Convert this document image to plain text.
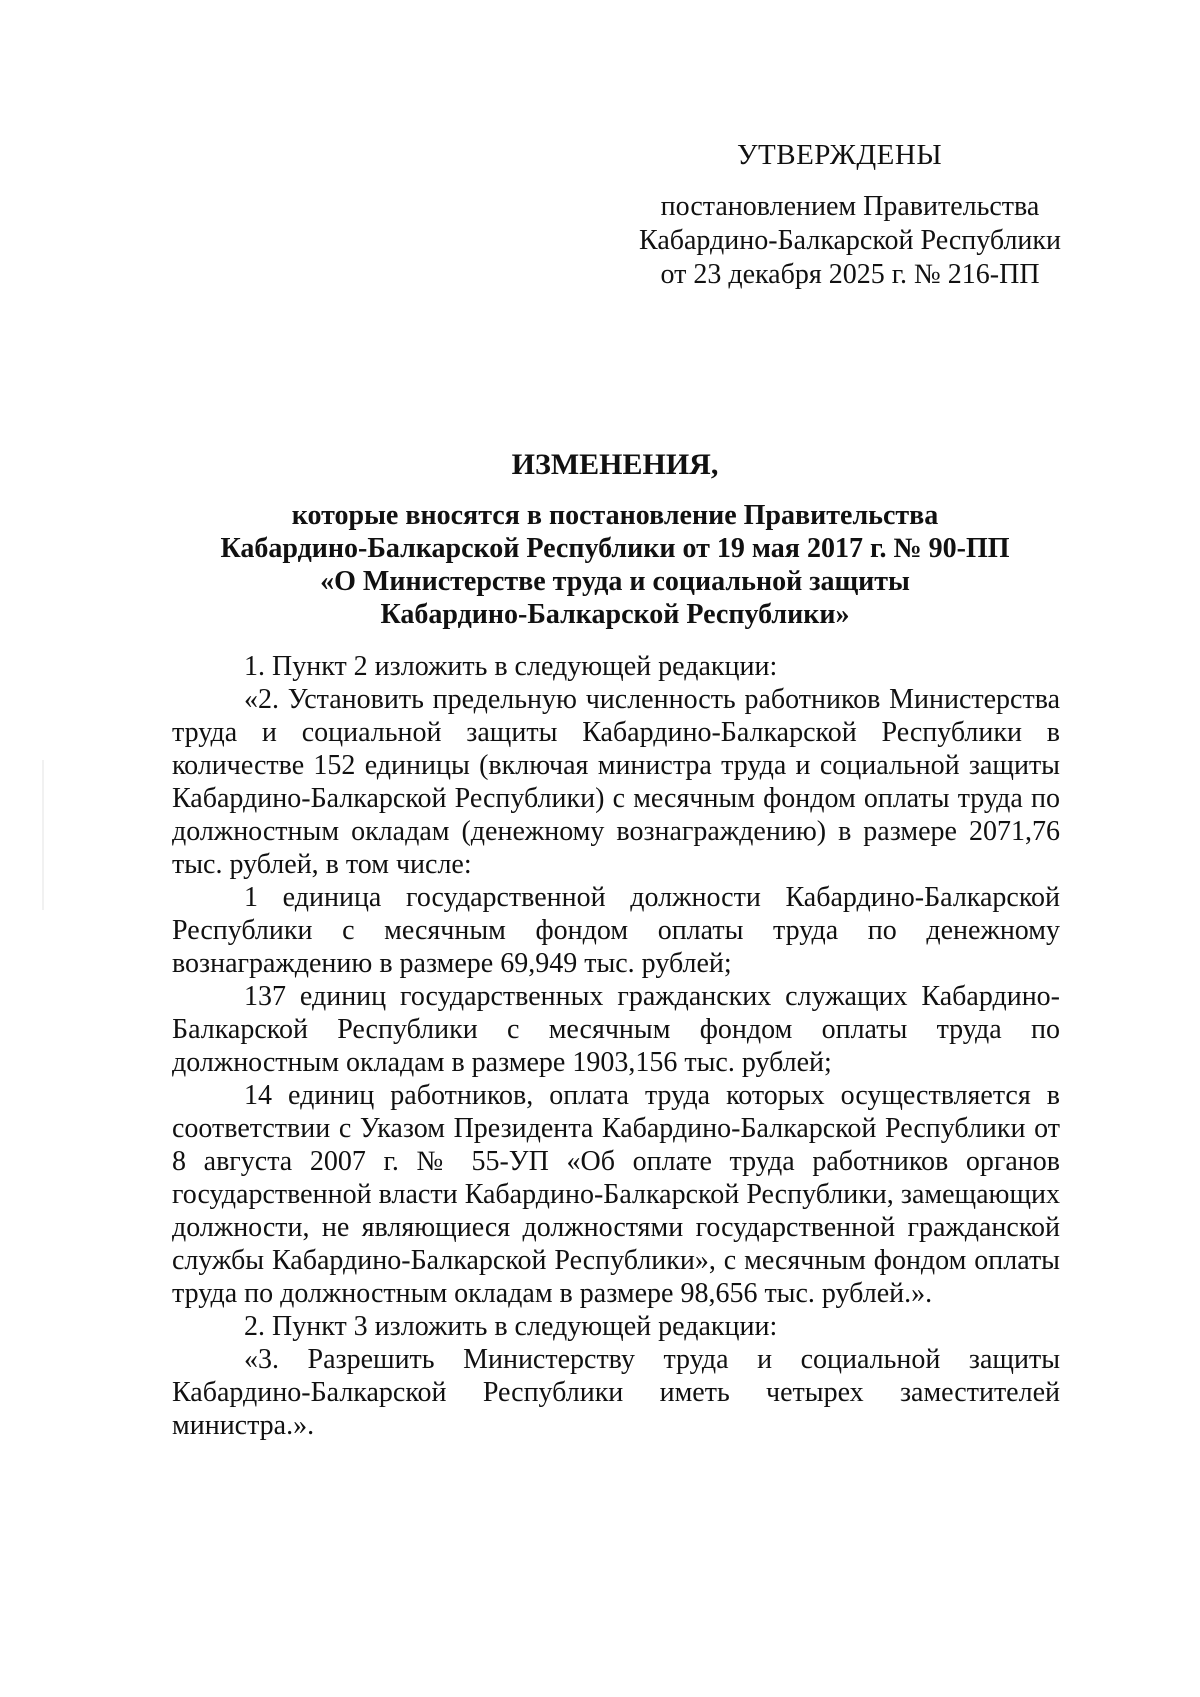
УТВЕРЖДЕНЫ
постановлением Правительства
Кабардино-Балкарской Республики
от 23 декабря 2025 г. № 216-ПП
ИЗМЕНЕНИЯ,
которые вносятся в постановление Правительства
Кабардино-Балкарской Республики от 19 мая 2017 г. № 90-ПП
«О Министерстве труда и социальной защиты
Кабардино-Балкарской Республики»

1. Пункт 2 изложить в следующей редакции:

«2. Установить предельную численность работников Министерства труда и социальной защиты Кабардино-Балкарской Республики в количестве 152 единицы (включая министра труда и социальной защиты Кабардино-Балкарской Республики) с месячным фондом оплаты труда по должностным окладам (денежному вознаграждению) в размере 2071,76 тыс. рублей, в том числе:

1 единица государственной должности Кабардино-Балкарской Республики с месячным фондом оплаты труда по денежному вознаграждению в размере 69,949 тыс. рублей;

137 единиц государственных гражданских служащих Кабардино-Балкарской Республики с месячным фондом оплаты труда по должностным окладам в размере 1903,156 тыс. рублей;

14 единиц работников, оплата труда которых осуществляется в соответствии с Указом Президента Кабардино-Балкарской Республики от 8 августа 2007 г. № 55-УП «Об оплате труда работников органов государственной власти Кабардино-Балкарской Республики, замещающих должности, не являющиеся должностями государственной гражданской службы Кабардино-Балкарской Республики», с месячным фондом оплаты труда по должностным окладам в размере 98,656 тыс. рублей.».

2. Пункт 3 изложить в следующей редакции:

«3. Разрешить Министерству труда и социальной защиты Кабардино-Балкарской Республики иметь четырех заместителей министра.».
